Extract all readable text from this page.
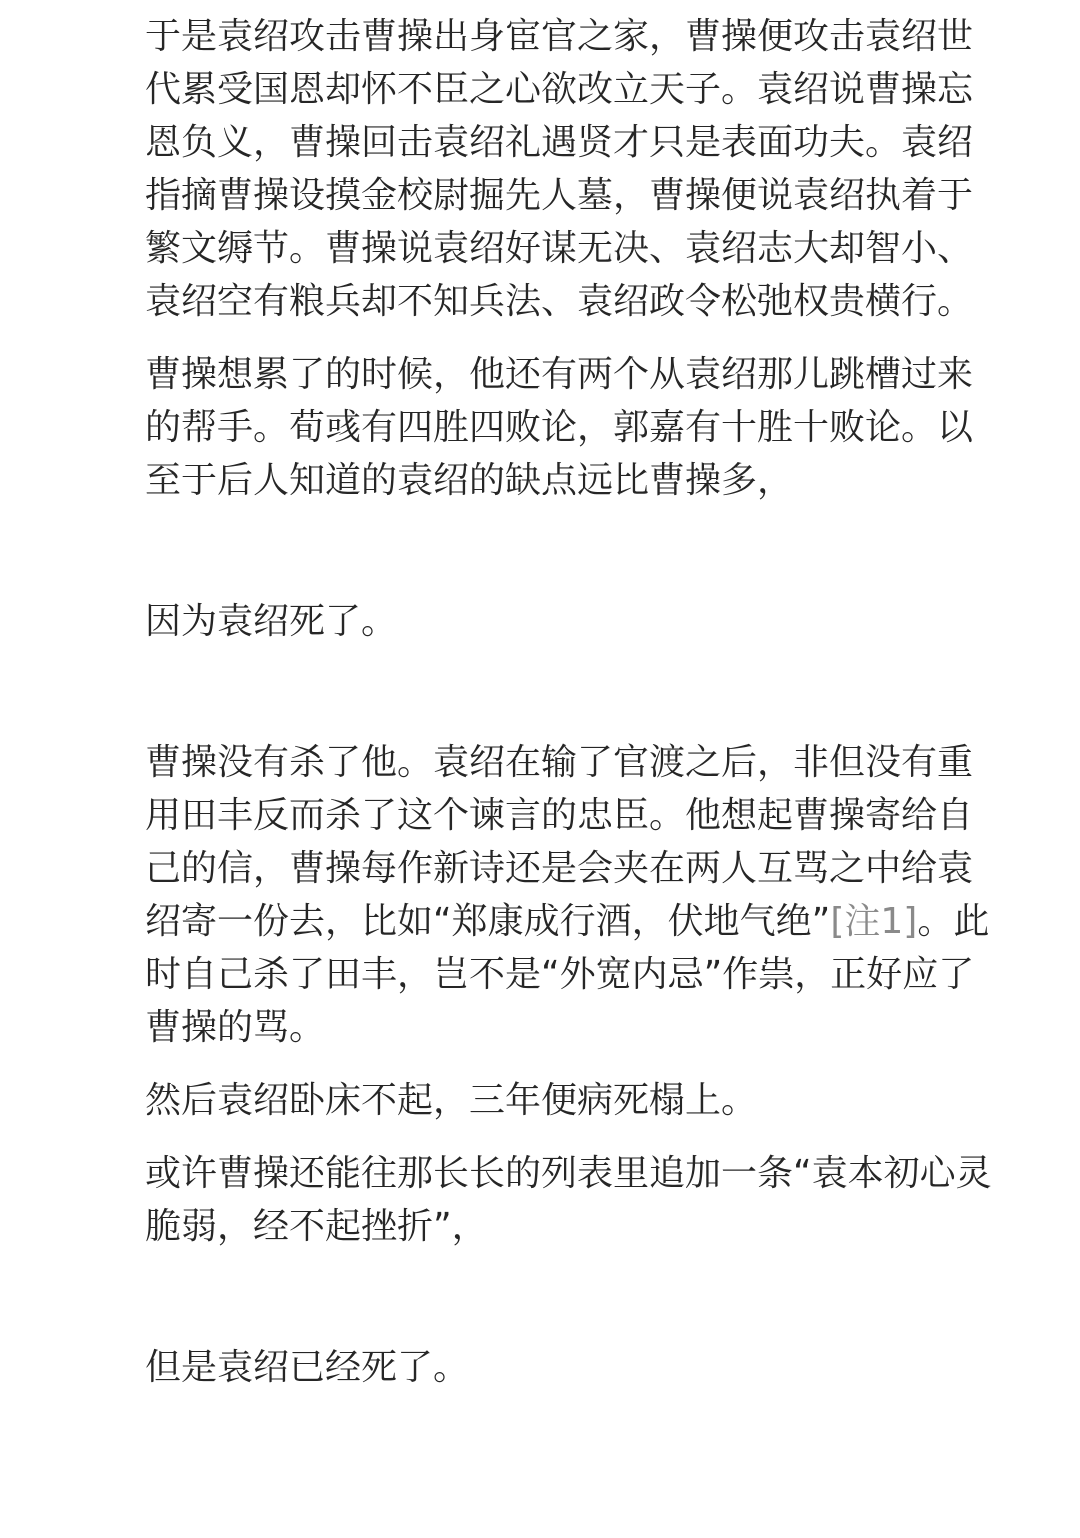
于是袁绍攻击曹操出身宦官之家，曹操便攻击袁绍世代累受国恩却怀不臣之心欲改立天子。袁绍说曹操忘恩负义，曹操回击袁绍礼遇贤才只是表面功夫。袁绍指摘曹操设摸金校尉掘先人墓，曹操便说袁绍执着于繁文缛节。曹操说袁绍好谋无决、袁绍志大却智小、袁绍空有粮兵却不知兵法、袁绍政令松弛权贵横行。

曹操想累了的时候，他还有两个从袁绍那儿跳槽过来的帮手。荀彧有四胜四败论，郭嘉有十胜十败论。以至于后人知道的袁绍的缺点远比曹操多，

因为袁绍死了。

曹操没有杀了他。袁绍在输了官渡之后，非但没有重用田丰反而杀了这个谏言的忠臣。他想起曹操寄给自己的信，曹操每作新诗还是会夹在两人互骂之中给袁绍寄一份去，比如“郑康成行酒，伏地气绝”[注1]。此时自己杀了田丰，岂不是“外宽内忌”作祟，正好应了曹操的骂。

然后袁绍卧床不起，三年便病死榻上。

或许曹操还能往那长长的列表里追加一条“袁本初心灵脆弱，经不起挫折”，

但是袁绍已经死了。
